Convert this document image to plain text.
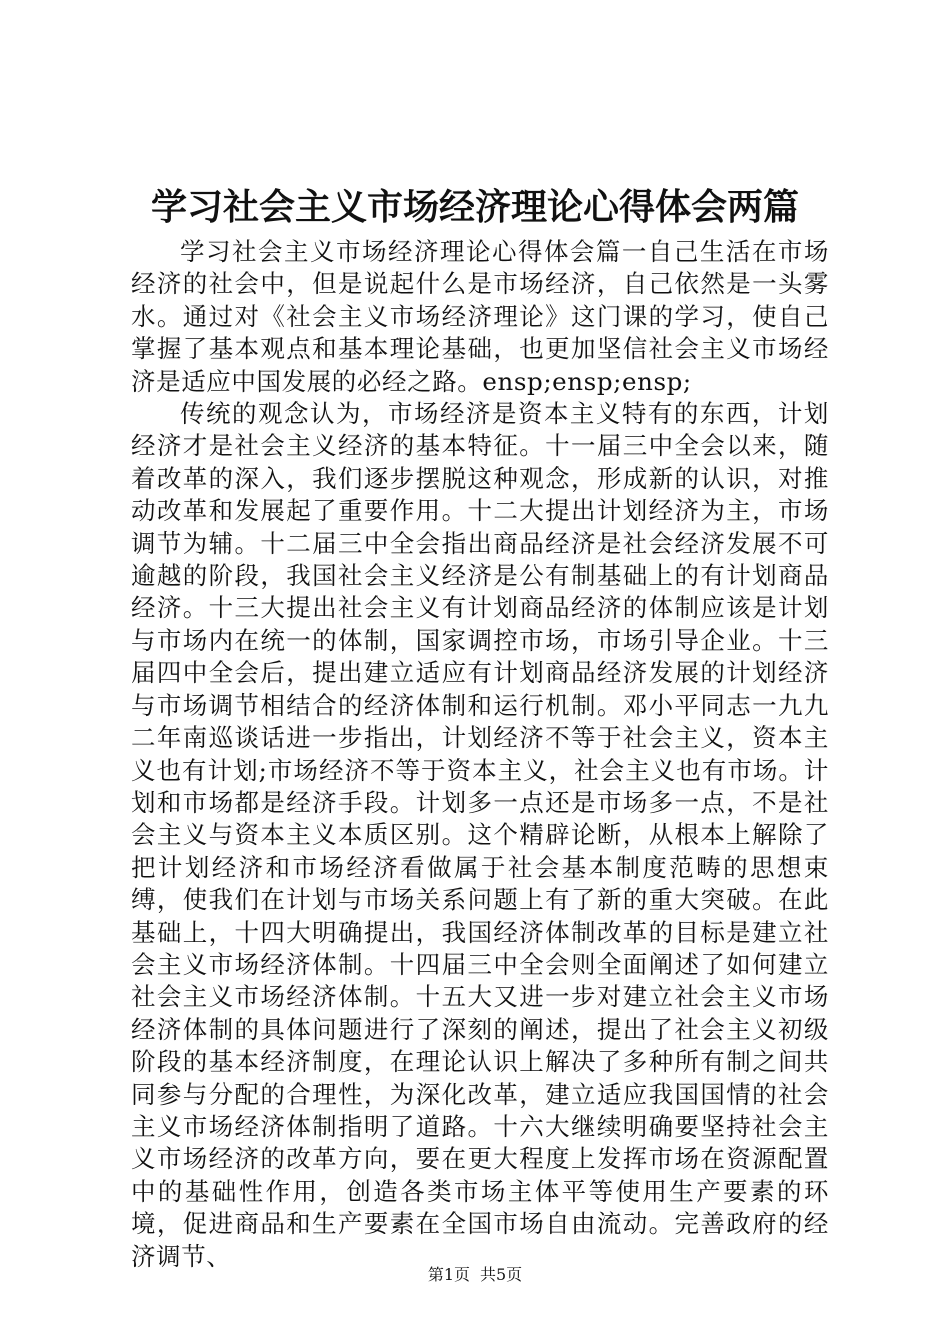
学习社会主义市场经济理论心得体会两篇

学习社会主义市场经济理论心得体会篇一自己生活在市场经济的社会中，但是说起什么是市场经济，自己依然是一头雾水。通过对《社会主义市场经济理论》这门课的学习，使自己掌握了基本观点和基本理论基础，也更加坚信社会主义市场经济是适应中国发展的必经之路。ensp;ensp;ensp;

传统的观念认为，市场经济是资本主义特有的东西，计划经济才是社会主义经济的基本特征。十一届三中全会以来，随着改革的深入，我们逐步摆脱这种观念，形成新的认识，对推动改革和发展起了重要作用。十二大提出计划经济为主，市场调节为辅。十二届三中全会指出商品经济是社会经济发展不可逾越的阶段，我国社会主义经济是公有制基础上的有计划商品经济。十三大提出社会主义有计划商品经济的体制应该是计划与市场内在统一的体制，国家调控市场，市场引导企业。十三届四中全会后，提出建立适应有计划商品经济发展的计划经济与市场调节相结合的经济体制和运行机制。邓小平同志一九九二年南巡谈话进一步指出，计划经济不等于社会主义，资本主义也有计划;市场经济不等于资本主义，社会主义也有市场。计划和市场都是经济手段。计划多一点还是市场多一点，不是社会主义与资本主义本质区别。这个精辟论断，从根本上解除了把计划经济和市场经济看做属于社会基本制度范畴的思想束缚，使我们在计划与市场关系问题上有了新的重大突破。在此基础上，十四大明确提出，我国经济体制改革的目标是建立社会主义市场经济体制。十四届三中全会则全面阐述了如何建立社会主义市场经济体制。十五大又进一步对建立社会主义市场经济体制的具体问题进行了深刻的阐述，提出了社会主义初级阶段的基本经济制度，在理论认识上解决了多种所有制之间共同参与分配的合理性，为深化改革，建立适应我国国情的社会主义市场经济体制指明了道路。十六大继续明确要坚持社会主义市场经济的改革方向，要在更大程度上发挥市场在资源配置中的基础性作用，创造各类市场主体平等使用生产要素的环境，促进商品和生产要素在全国市场自由流动。完善政府的经济调节、

第1页 共5页
